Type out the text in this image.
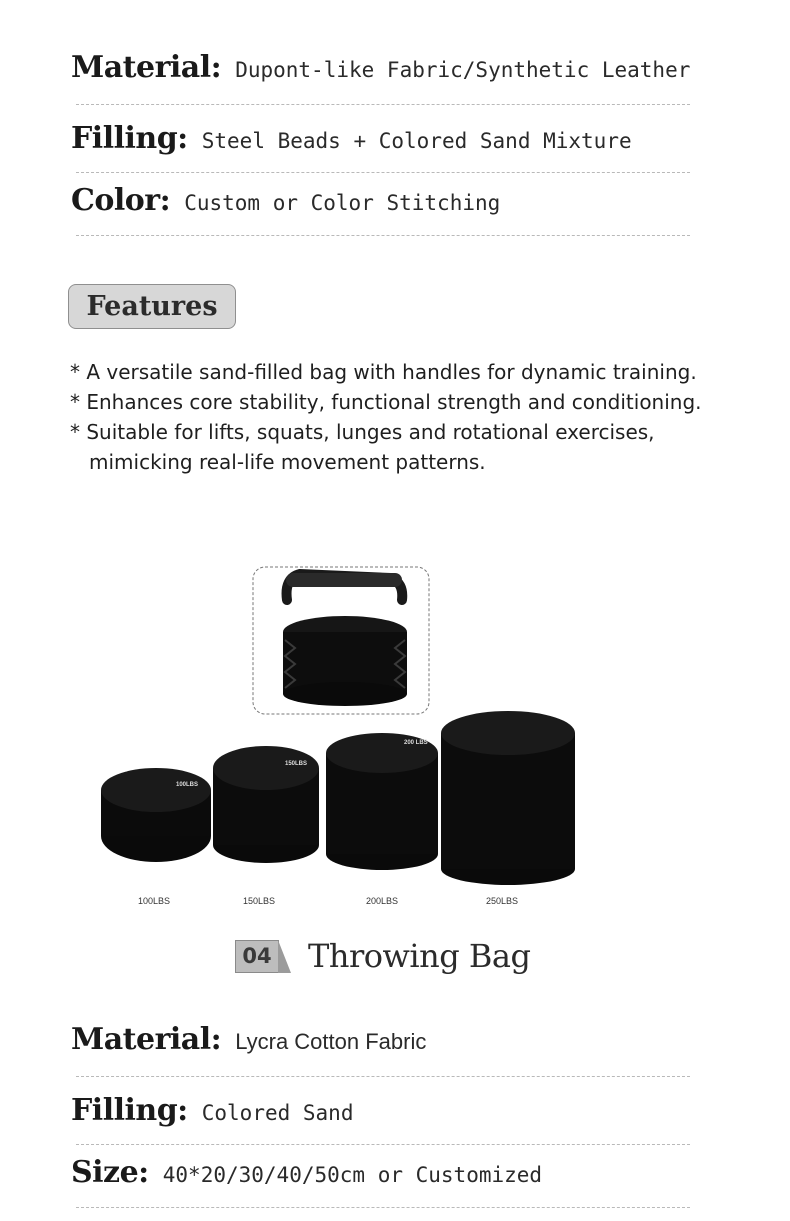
Material: Dupont-like Fabric/Synthetic Leather
Filling: Steel Beads + Colored Sand Mixture
Color: Custom or Color Stitching
Features
* A versatile sand-filled bag with handles for dynamic training.
* Enhances core stability, functional strength and conditioning.
* Suitable for lifts, squats, lunges and rotational exercises,
mimicking real-life movement patterns.
100LBS
150LBS
200 LBS
100LBS	150LBS	200LBS	250LBS
04 Throwing Bag
Material: Lycra Cotton Fabric
Filling: Colored Sand
Size: 40*20/30/40/50cm or Customized
